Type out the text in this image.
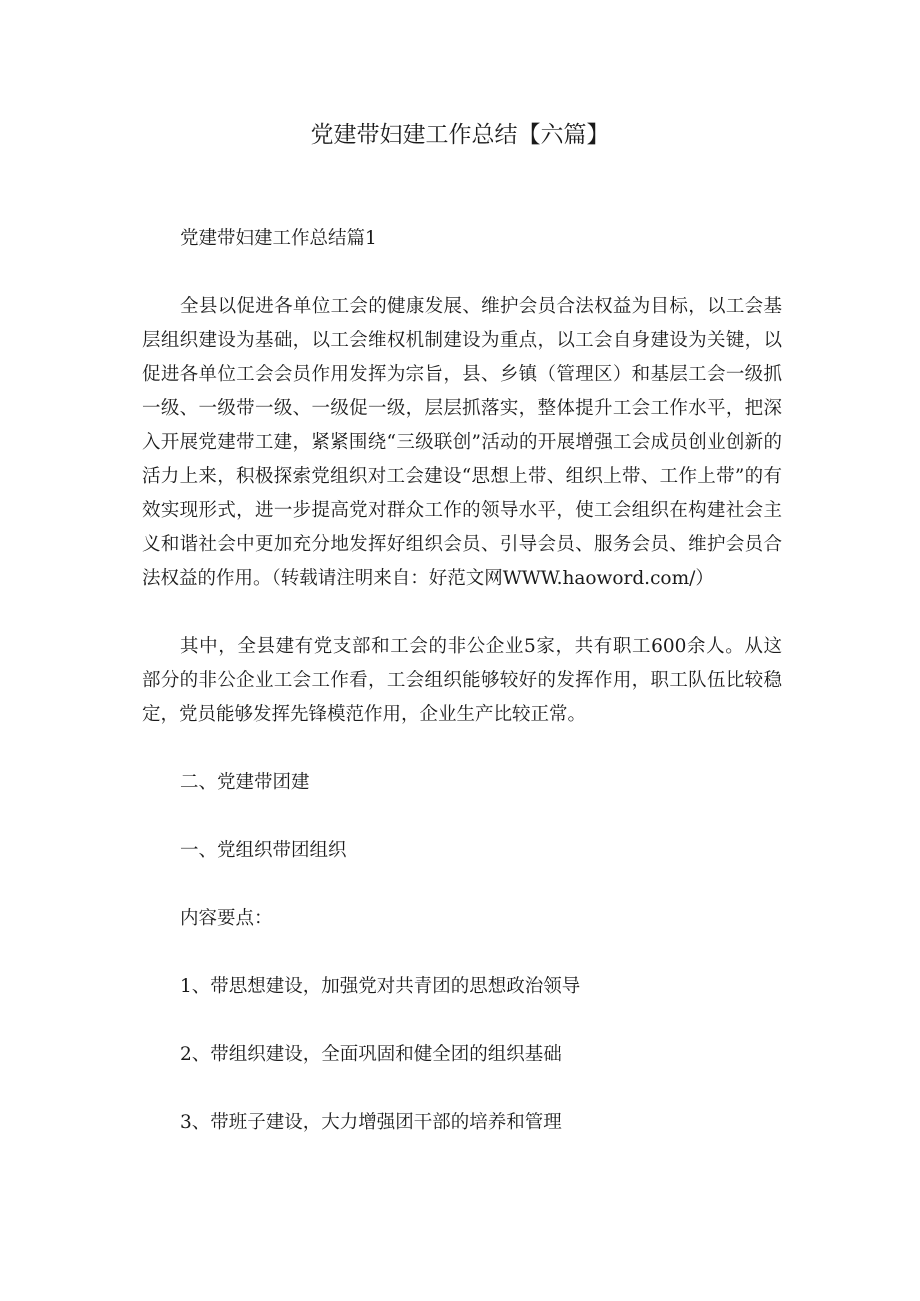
党建带妇建工作总结【六篇】

党建带妇建工作总结篇1

全县以促进各单位工会的健康发展、维护会员合法权益为目标，以工会基层组织建设为基础，以工会维权机制建设为重点，以工会自身建设为关键，以促进各单位工会会员作用发挥为宗旨，县、乡镇（管理区）和基层工会一级抓一级、一级带一级、一级促一级，层层抓落实，整体提升工会工作水平，把深入开展党建带工建，紧紧围绕“三级联创”活动的开展增强工会成员创业创新的活力上来，积极探索党组织对工会建设“思想上带、组织上带、工作上带”的有效实现形式，进一步提高党对群众工作的领导水平，使工会组织在构建社会主义和谐社会中更加充分地发挥好组织会员、引导会员、服务会员、维护会员合法权益的作用。（转载请注明来自：好范文网WWW.haoword.com/）

其中，全县建有党支部和工会的非公企业5家，共有职工600余人。从这部分的非公企业工会工作看，工会组织能够较好的发挥作用，职工队伍比较稳定，党员能够发挥先锋模范作用，企业生产比较正常。

二、党建带团建

一、党组织带团组织

内容要点：

1、带思想建设，加强党对共青团的思想政治领导

2、带组织建设，全面巩固和健全团的组织基础

3、带班子建设，大力增强团干部的培养和管理
